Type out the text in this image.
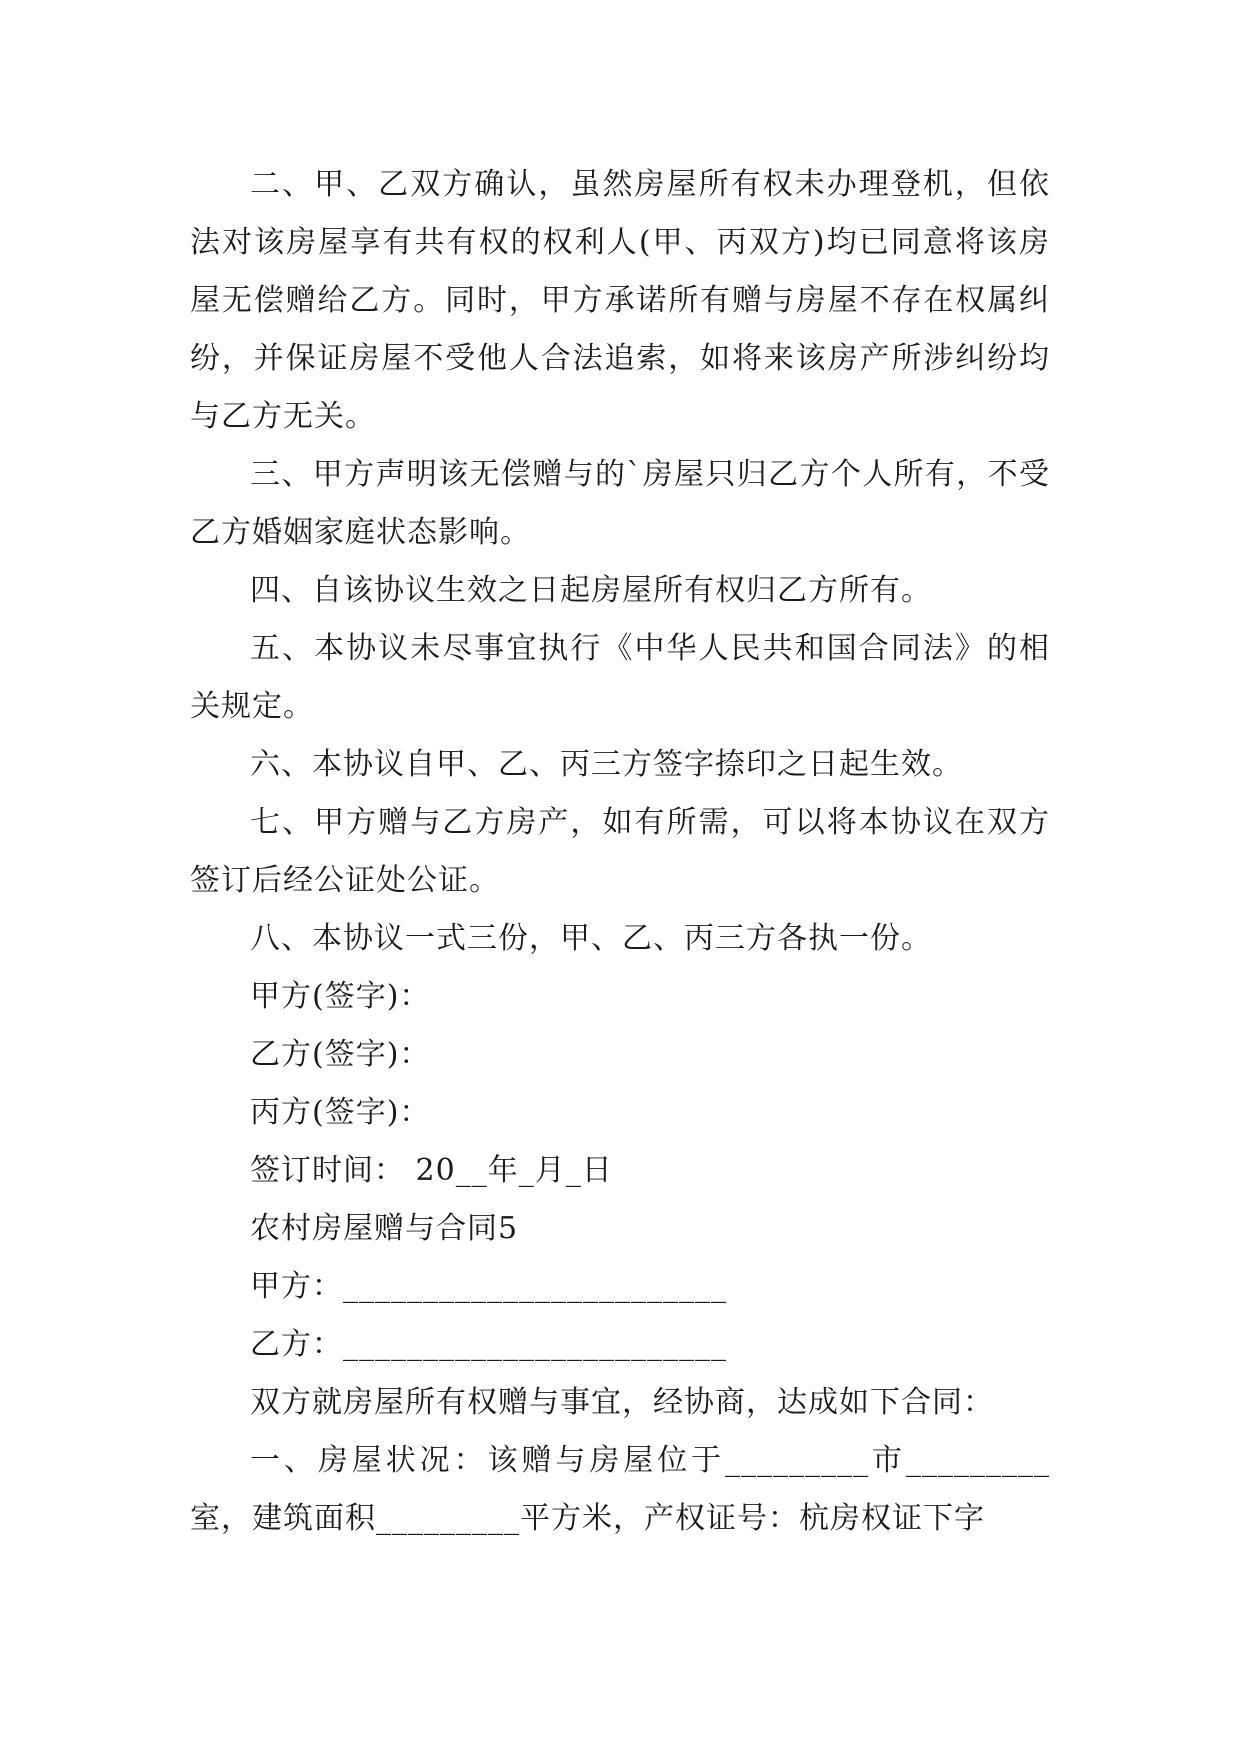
二、甲、乙双方确认，虽然房屋所有权未办理登机，但依法对该房屋享有共有权的权利人(甲、丙双方)均已同意将该房屋无偿赠给乙方。同时，甲方承诺所有赠与房屋不存在权属纠纷，并保证房屋不受他人合法追索，如将来该房产所涉纠纷均与乙方无关。

三、甲方声明该无偿赠与的`房屋只归乙方个人所有，不受乙方婚姻家庭状态影响。

四、自该协议生效之日起房屋所有权归乙方所有。

五、本协议未尽事宜执行《中华人民共和国合同法》的相关规定。

六、本协议自甲、乙、丙三方签字捺印之日起生效。

七、甲方赠与乙方房产，如有所需，可以将本协议在双方签订后经公证处公证。

八、本协议一式三份，甲、乙、丙三方各执一份。

甲方(签字)：

乙方(签字)：

丙方(签字)：

签订时间： 20__年_月_日

农村房屋赠与合同5

甲方：________________________

乙方：________________________

双方就房屋所有权赠与事宜，经协商，达成如下合同：

一、房屋状况：该赠与房屋位于_________市_________室，建筑面积_________平方米，产权证号：杭房权证下字
